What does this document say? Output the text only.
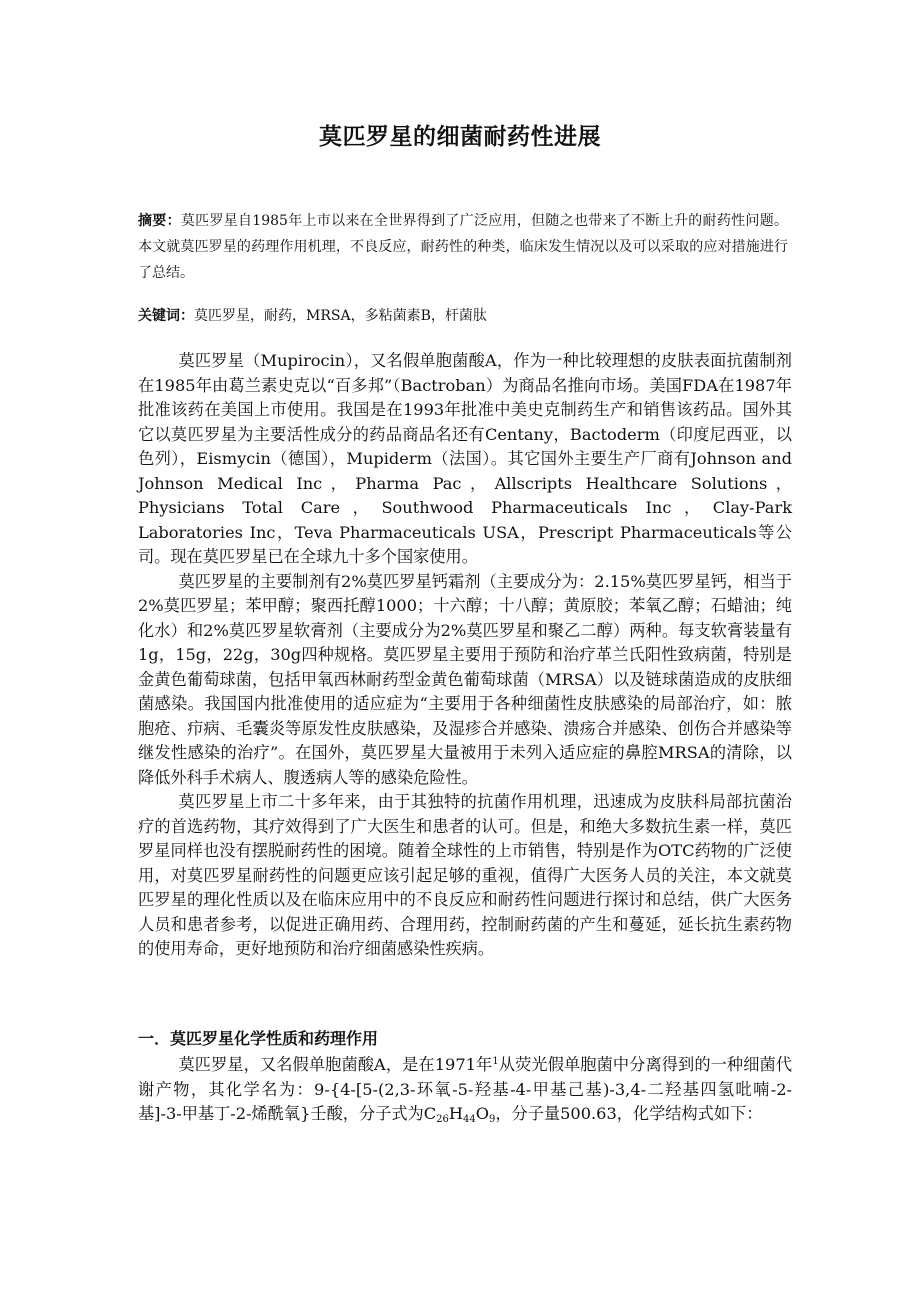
莫匹罗星的细菌耐药性进展
摘要：莫匹罗星自1985年上市以来在全世界得到了广泛应用，但随之也带来了不断上升的耐药性问题。本文就莫匹罗星的药理作用机理，不良反应，耐药性的种类，临床发生情况以及可以采取的应对措施进行了总结。
关键词：莫匹罗星，耐药，MRSA，多粘菌素B，杆菌肽

莫匹罗星（Mupirocin），又名假单胞菌酸A，作为一种比较理想的皮肤表面抗菌制剂在1985年由葛兰素史克以“百多邦”（Bactroban）为商品名推向市场。美国FDA在1987年批准该药在美国上市使用。我国是在1993年批准中美史克制药生产和销售该药品。国外其它以莫匹罗星为主要活性成分的药品商品名还有Centany，Bactoderm（印度尼西亚，以色列），Eismycin（德国），Mupiderm（法国）。其它国外主要生产厂商有Johnson and Johnson Medical Inc，Pharma Pac，Allscripts Healthcare Solutions，Physicians Total Care，Southwood Pharmaceuticals Inc，Clay-Park Laboratories Inc，Teva Pharmaceuticals USA，Prescript Pharmaceuticals等公司。现在莫匹罗星已在全球九十多个国家使用。

莫匹罗星的主要制剂有2%莫匹罗星钙霜剂（主要成分为：2.15%莫匹罗星钙，相当于2%莫匹罗星；苯甲醇；聚西托醇1000；十六醇；十八醇；黄原胶；苯氧乙醇；石蜡油；纯化水）和2%莫匹罗星软膏剂（主要成分为2%莫匹罗星和聚乙二醇）两种。每支软膏装量有1g，15g，22g，30g四种规格。莫匹罗星主要用于预防和治疗革兰氏阳性致病菌，特别是金黄色葡萄球菌，包括甲氧西林耐药型金黄色葡萄球菌（MRSA）以及链球菌造成的皮肤细菌感染。我国国内批准使用的适应症为“主要用于各种细菌性皮肤感染的局部治疗，如：脓胞疮、疖病、毛囊炎等原发性皮肤感染，及湿疹合并感染、溃疡合并感染、创伤合并感染等继发性感染的治疗”。在国外，莫匹罗星大量被用于未列入适应症的鼻腔MRSA的清除，以降低外科手术病人、腹透病人等的感染危险性。

莫匹罗星上市二十多年来，由于其独特的抗菌作用机理，迅速成为皮肤科局部抗菌治疗的首选药物，其疗效得到了广大医生和患者的认可。但是，和绝大多数抗生素一样，莫匹罗星同样也没有摆脱耐药性的困境。随着全球性的上市销售，特别是作为OTC药物的广泛使用，对莫匹罗星耐药性的问题更应该引起足够的重视，值得广大医务人员的关注，本文就莫匹罗星的理化性质以及在临床应用中的不良反应和耐药性问题进行探讨和总结，供广大医务人员和患者参考，以促进正确用药、合理用药，控制耐药菌的产生和蔓延，延长抗生素药物的使用寿命，更好地预防和治疗细菌感染性疾病。

一．莫匹罗星化学性质和药理作用

莫匹罗星，又名假单胞菌酸A，是在1971年$^1$从荧光假单胞菌中分离得到的一种细菌代谢产物，其化学名为：9-{4-[5-(2,3-环氧-5-羟基-4-甲基己基)-3,4-二羟基四氢吡喃-2-基]-3-甲基丁-2-烯酰氧}壬酸，分子式为$C_{26}H_{44}O_9$，分子量500.63，化学结构式如下：
